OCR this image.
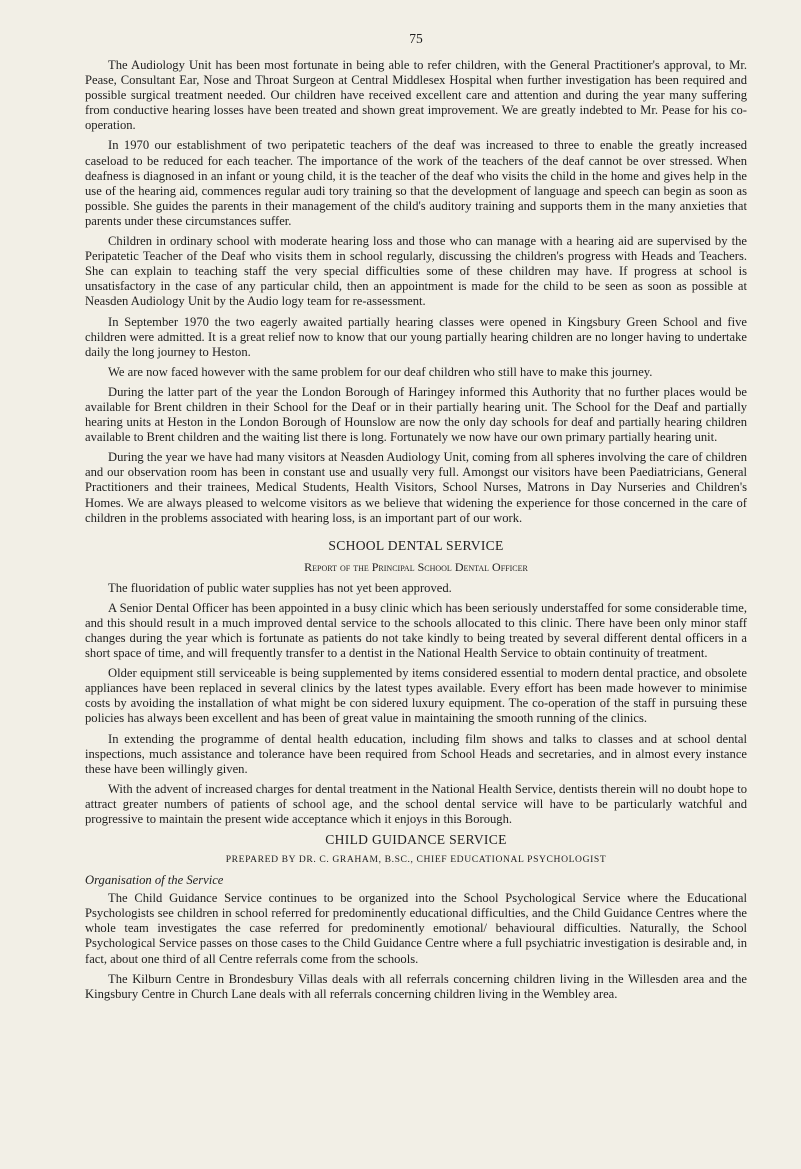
75

The Audiology Unit has been most fortunate in being able to refer children, with the General Practitioner's approval, to Mr. Pease, Consultant Ear, Nose and Throat Surgeon at Central Middlesex Hospital when further investigation has been required and possible surgical treatment needed. Our children have received excellent care and attention and during the year many suffering from conductive hearing losses have been treated and shown great improvement. We are greatly indebted to Mr. Pease for his co-operation.

In 1970 our establishment of two peripatetic teachers of the deaf was increased to three to enable the greatly increased caseload to be reduced for each teacher. The importance of the work of the teachers of the deaf cannot be over stressed. When deafness is diagnosed in an infant or young child, it is the teacher of the deaf who visits the child in the home and gives help in the use of the hearing aid, commences regular audi tory training so that the development of language and speech can begin as soon as possible. She guides the parents in their management of the child's auditory training and supports them in the many anxieties that parents under these circumstances suffer.

Children in ordinary school with moderate hearing loss and those who can manage with a hearing aid are supervised by the Peripatetic Teacher of the Deaf who visits them in school regularly, discussing the children's progress with Heads and Teachers. She can explain to teaching staff the very special difficulties some of these children may have. If progress at school is unsatisfactory in the case of any particular child, then an appointment is made for the child to be seen as soon as possible at Neasden Audiology Unit by the Audio logy team for re-assessment.

In September 1970 the two eagerly awaited partially hearing classes were opened in Kingsbury Green School and five children were admitted. It is a great relief now to know that our young partially hearing children are no longer having to undertake daily the long journey to Heston.

We are now faced however with the same problem for our deaf children who still have to make this journey.

During the latter part of the year the London Borough of Haringey informed this Authority that no further places would be available for Brent children in their School for the Deaf or in their partially hearing unit. The School for the Deaf and partially hearing units at Heston in the London Borough of Hounslow are now the only day schools for deaf and partially hearing children available to Brent children and the waiting list there is long. Fortunately we now have our own primary partially hearing unit.

During the year we have had many visitors at Neasden Audiology Unit, coming from all spheres involving the care of children and our observation room has been in constant use and usually very full. Amongst our visitors have been Paediatricians, General Practitioners and their trainees, Medical Students, Health Visitors, School Nurses, Matrons in Day Nurseries and Children's Homes. We are always pleased to welcome visitors as we believe that widening the experience for those concerned in the care of children in the problems associated with hearing loss, is an important part of our work.

SCHOOL DENTAL SERVICE
Report of the Principal School Dental Officer

The fluoridation of public water supplies has not yet been approved.

A Senior Dental Officer has been appointed in a busy clinic which has been seriously understaffed for some considerable time, and this should result in a much improved dental service to the schools allocated to this clinic. There have been only minor staff changes during the year which is fortunate as patients do not take kindly to being treated by several different dental officers in a short space of time, and will frequently transfer to a dentist in the National Health Service to obtain continuity of treatment.

Older equipment still serviceable is being supplemented by items considered essential to modern dental practice, and obsolete appliances have been replaced in several clinics by the latest types available. Every effort has been made however to minimise costs by avoiding the installation of what might be con sidered luxury equipment. The co-operation of the staff in pursuing these policies has always been excellent and has been of great value in maintaining the smooth running of the clinics.

In extending the programme of dental health education, including film shows and talks to classes and at school dental inspections, much assistance and tolerance have been required from School Heads and secretaries, and in almost every instance these have been willingly given.

With the advent of increased charges for dental treatment in the National Health Service, dentists therein will no doubt hope to attract greater numbers of patients of school age, and the school dental service will have to be particularly watchful and progressive to maintain the present wide acceptance which it enjoys in this Borough.

CHILD GUIDANCE SERVICE
PREPARED BY DR. C. GRAHAM, B.SC., CHIEF EDUCATIONAL PSYCHOLOGIST
Organisation of the Service

The Child Guidance Service continues to be organized into the School Psychological Service where the Educational Psychologists see children in school referred for predominently educational difficulties, and the Child Guidance Centres where the whole team investigates the case referred for predominently emotional/ behavioural difficulties. Naturally, the School Psychological Service passes on those cases to the Child Guidance Centre where a full psychiatric investigation is desirable and, in fact, about one third of all Centre referrals come from the schools.

The Kilburn Centre in Brondesbury Villas deals with all referrals concerning children living in the Willesden area and the Kingsbury Centre in Church Lane deals with all referrals concerning children living in the Wembley area.
